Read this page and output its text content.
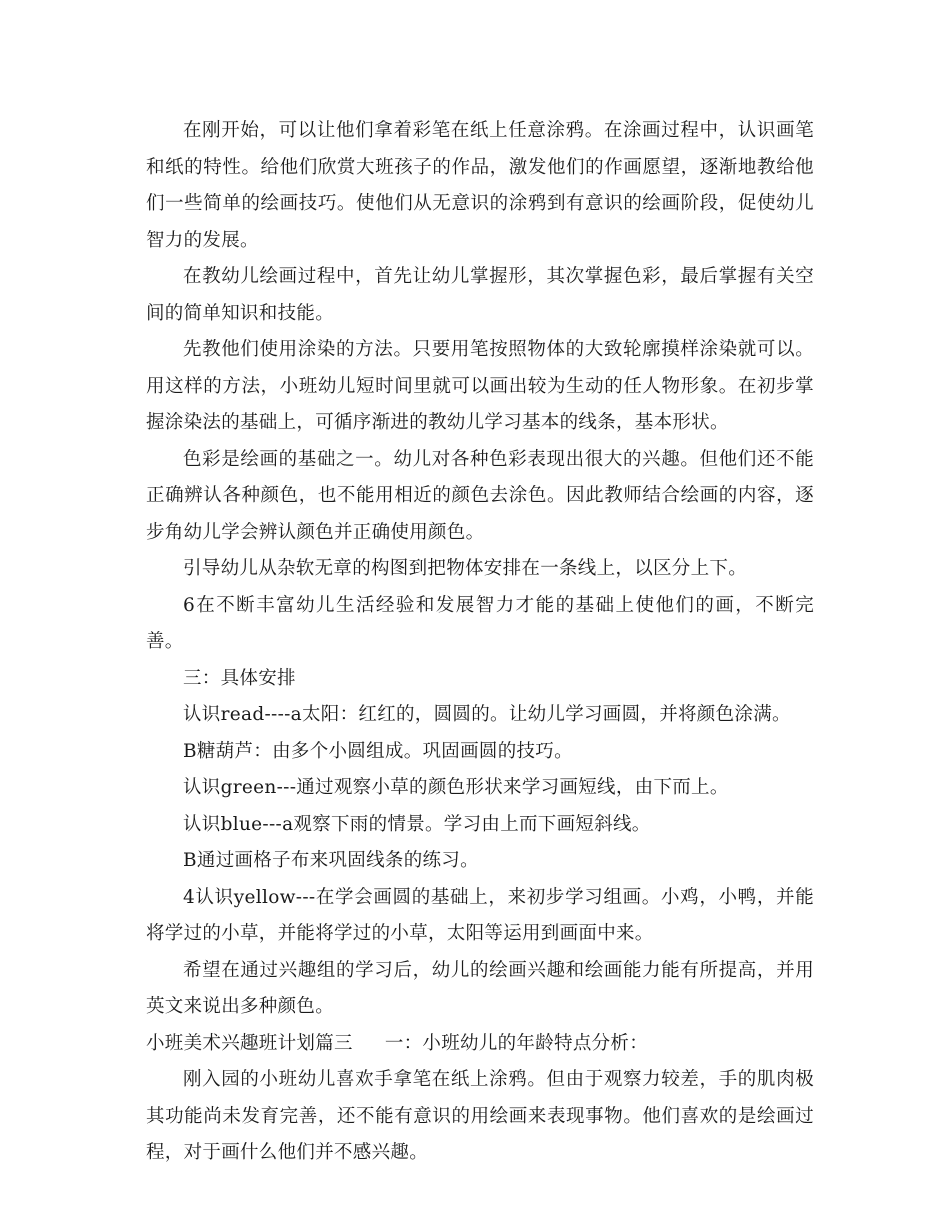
在刚开始，可以让他们拿着彩笔在纸上任意涂鸦。在涂画过程中，认识画笔和纸的特性。给他们欣赏大班孩子的作品，激发他们的作画愿望，逐渐地教给他们一些简单的绘画技巧。使他们从无意识的涂鸦到有意识的绘画阶段，促使幼儿智力的发展。

在教幼儿绘画过程中，首先让幼儿掌握形，其次掌握色彩，最后掌握有关空间的简单知识和技能。

先教他们使用涂染的方法。只要用笔按照物体的大致轮廓摸样涂染就可以。用这样的方法，小班幼儿短时间里就可以画出较为生动的任人物形象。在初步掌握涂染法的基础上，可循序渐进的教幼儿学习基本的线条，基本形状。

色彩是绘画的基础之一。幼儿对各种色彩表现出很大的兴趣。但他们还不能正确辨认各种颜色，也不能用相近的颜色去涂色。因此教师结合绘画的内容，逐步角幼儿学会辨认颜色并正确使用颜色。

引导幼儿从杂软无章的构图到把物体安排在一条线上，以区分上下。

6在不断丰富幼儿生活经验和发展智力才能的基础上使他们的画，不断完善。

三：具体安排

认识read----a太阳：红红的，圆圆的。让幼儿学习画圆，并将颜色涂满。

B糖葫芦：由多个小圆组成。巩固画圆的技巧。

认识green---通过观察小草的颜色形状来学习画短线，由下而上。

认识blue---a观察下雨的情景。学习由上而下画短斜线。

B通过画格子布来巩固线条的练习。

4认识yellow---在学会画圆的基础上，来初步学习组画。小鸡，小鸭，并能将学过的小草，并能将学过的小草，太阳等运用到画面中来。

希望在通过兴趣组的学习后，幼儿的绘画兴趣和绘画能力能有所提高，并用英文来说出多种颜色。

小班美术兴趣班计划篇三 一：小班幼儿的年龄特点分析：

刚入园的小班幼儿喜欢手拿笔在纸上涂鸦。但由于观察力较差，手的肌肉极其功能尚未发育完善，还不能有意识的用绘画来表现事物。他们喜欢的是绘画过程，对于画什么他们并不感兴趣。
